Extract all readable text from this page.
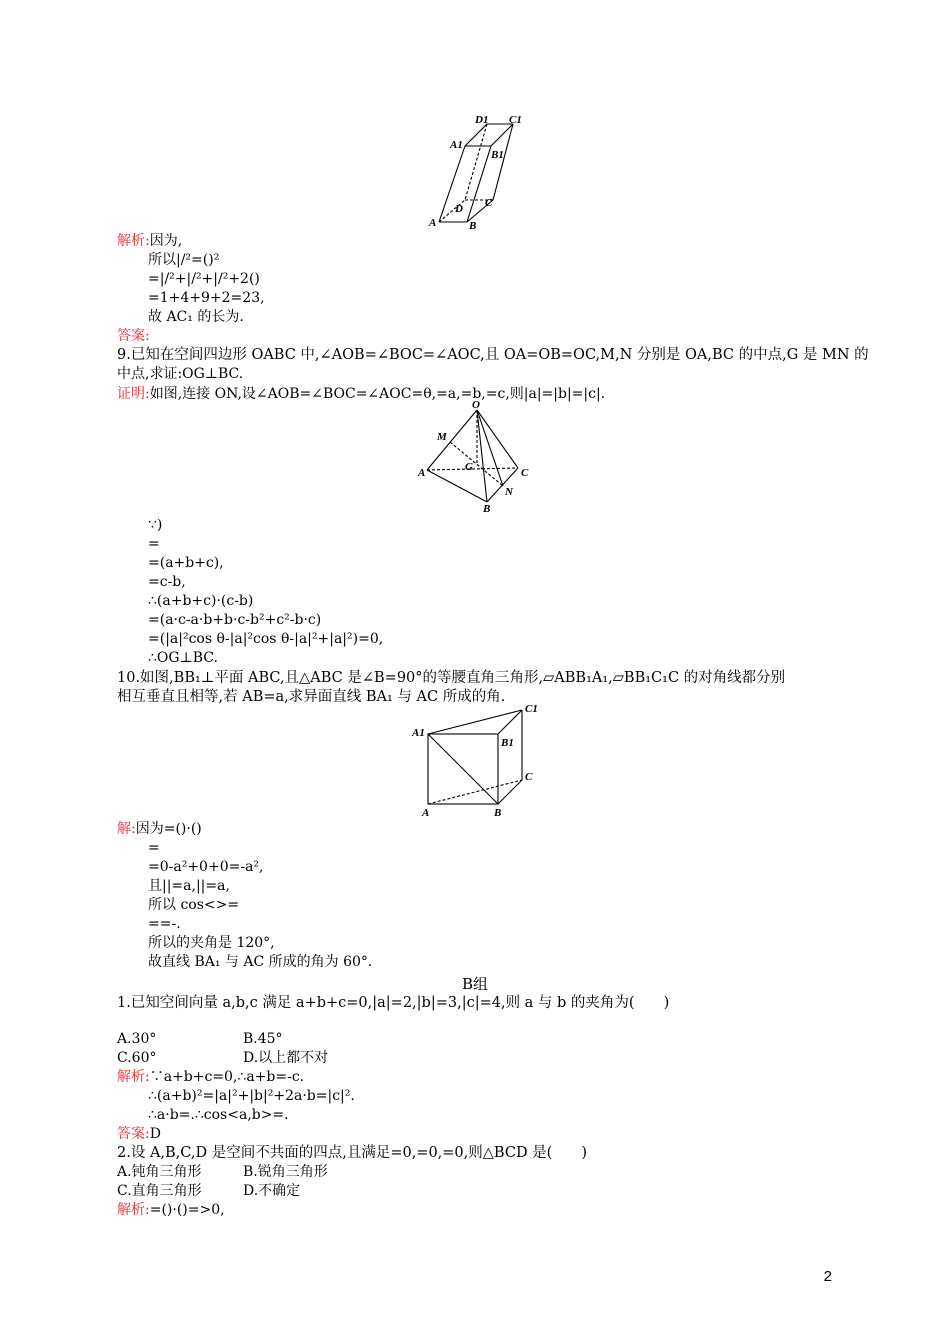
D1 C1
A1
B1
D C
A	B
解析:因为,
所以|/²=()²
=|/²+|/²+|/²+2()
=1+4+9+2=23,
故 AC₁ 的长为.
答案:
9.已知在空间四边形 OABC 中,∠AOB=∠BOC=∠AOC,且 OA=OB=OC,M,N 分别是 OA,BC 的中点,G 是 MN 的
中点,求证:OG⊥BC.
证明:如图,连接 ON,设∠AOB=∠BOC=∠AOC=θ,=a,=b,=c,则|a|=|b|=|c|.
O
M
A	G	C
N
B
∵)
=
=(a+b+c),
=c-b,
∴(a+b+c)·(c-b)
=(a·c-a·b+b·c-b²+c²-b·c)
=(|a|²cos θ-|a|²cos θ-|a|²+|a|²)=0,
∴OG⊥BC.
10.如图,BB₁⊥平面 ABC,且△ABC 是∠B=90°的等腰直角三角形,▱ABB₁A₁,▱BB₁C₁C 的对角线都分别
相互垂直且相等,若 AB=a,求异面直线 BA₁ 与 AC 所成的角.
C1
A1
B1
C
A	B
解:因为=()·()
=
=0-a²+0+0=-a²,
且||=a,||=a,
所以 cos<>=
==-.
所以的夹角是 120°,
故直线 BA₁ 与 AC 所成的角为 60°.
B组
1.已知空间向量 a,b,c 满足 a+b+c=0,|a|=2,|b|=3,|c|=4,则 a 与 b 的夹角为(　　)
A.30°	B.45°
C.60°	D.以上都不对
解析:∵a+b+c=0,∴a+b=-c.
∴(a+b)²=|a|²+|b|²+2a·b=|c|².
∴a·b=.∴cos<a,b>=.
答案:D
2.设 A,B,C,D 是空间不共面的四点,且满足=0,=0,=0,则△BCD 是(　　)
A.钝角三角形	B.锐角三角形
C.直角三角形	D.不确定
解析:=()·()=>0,
2
